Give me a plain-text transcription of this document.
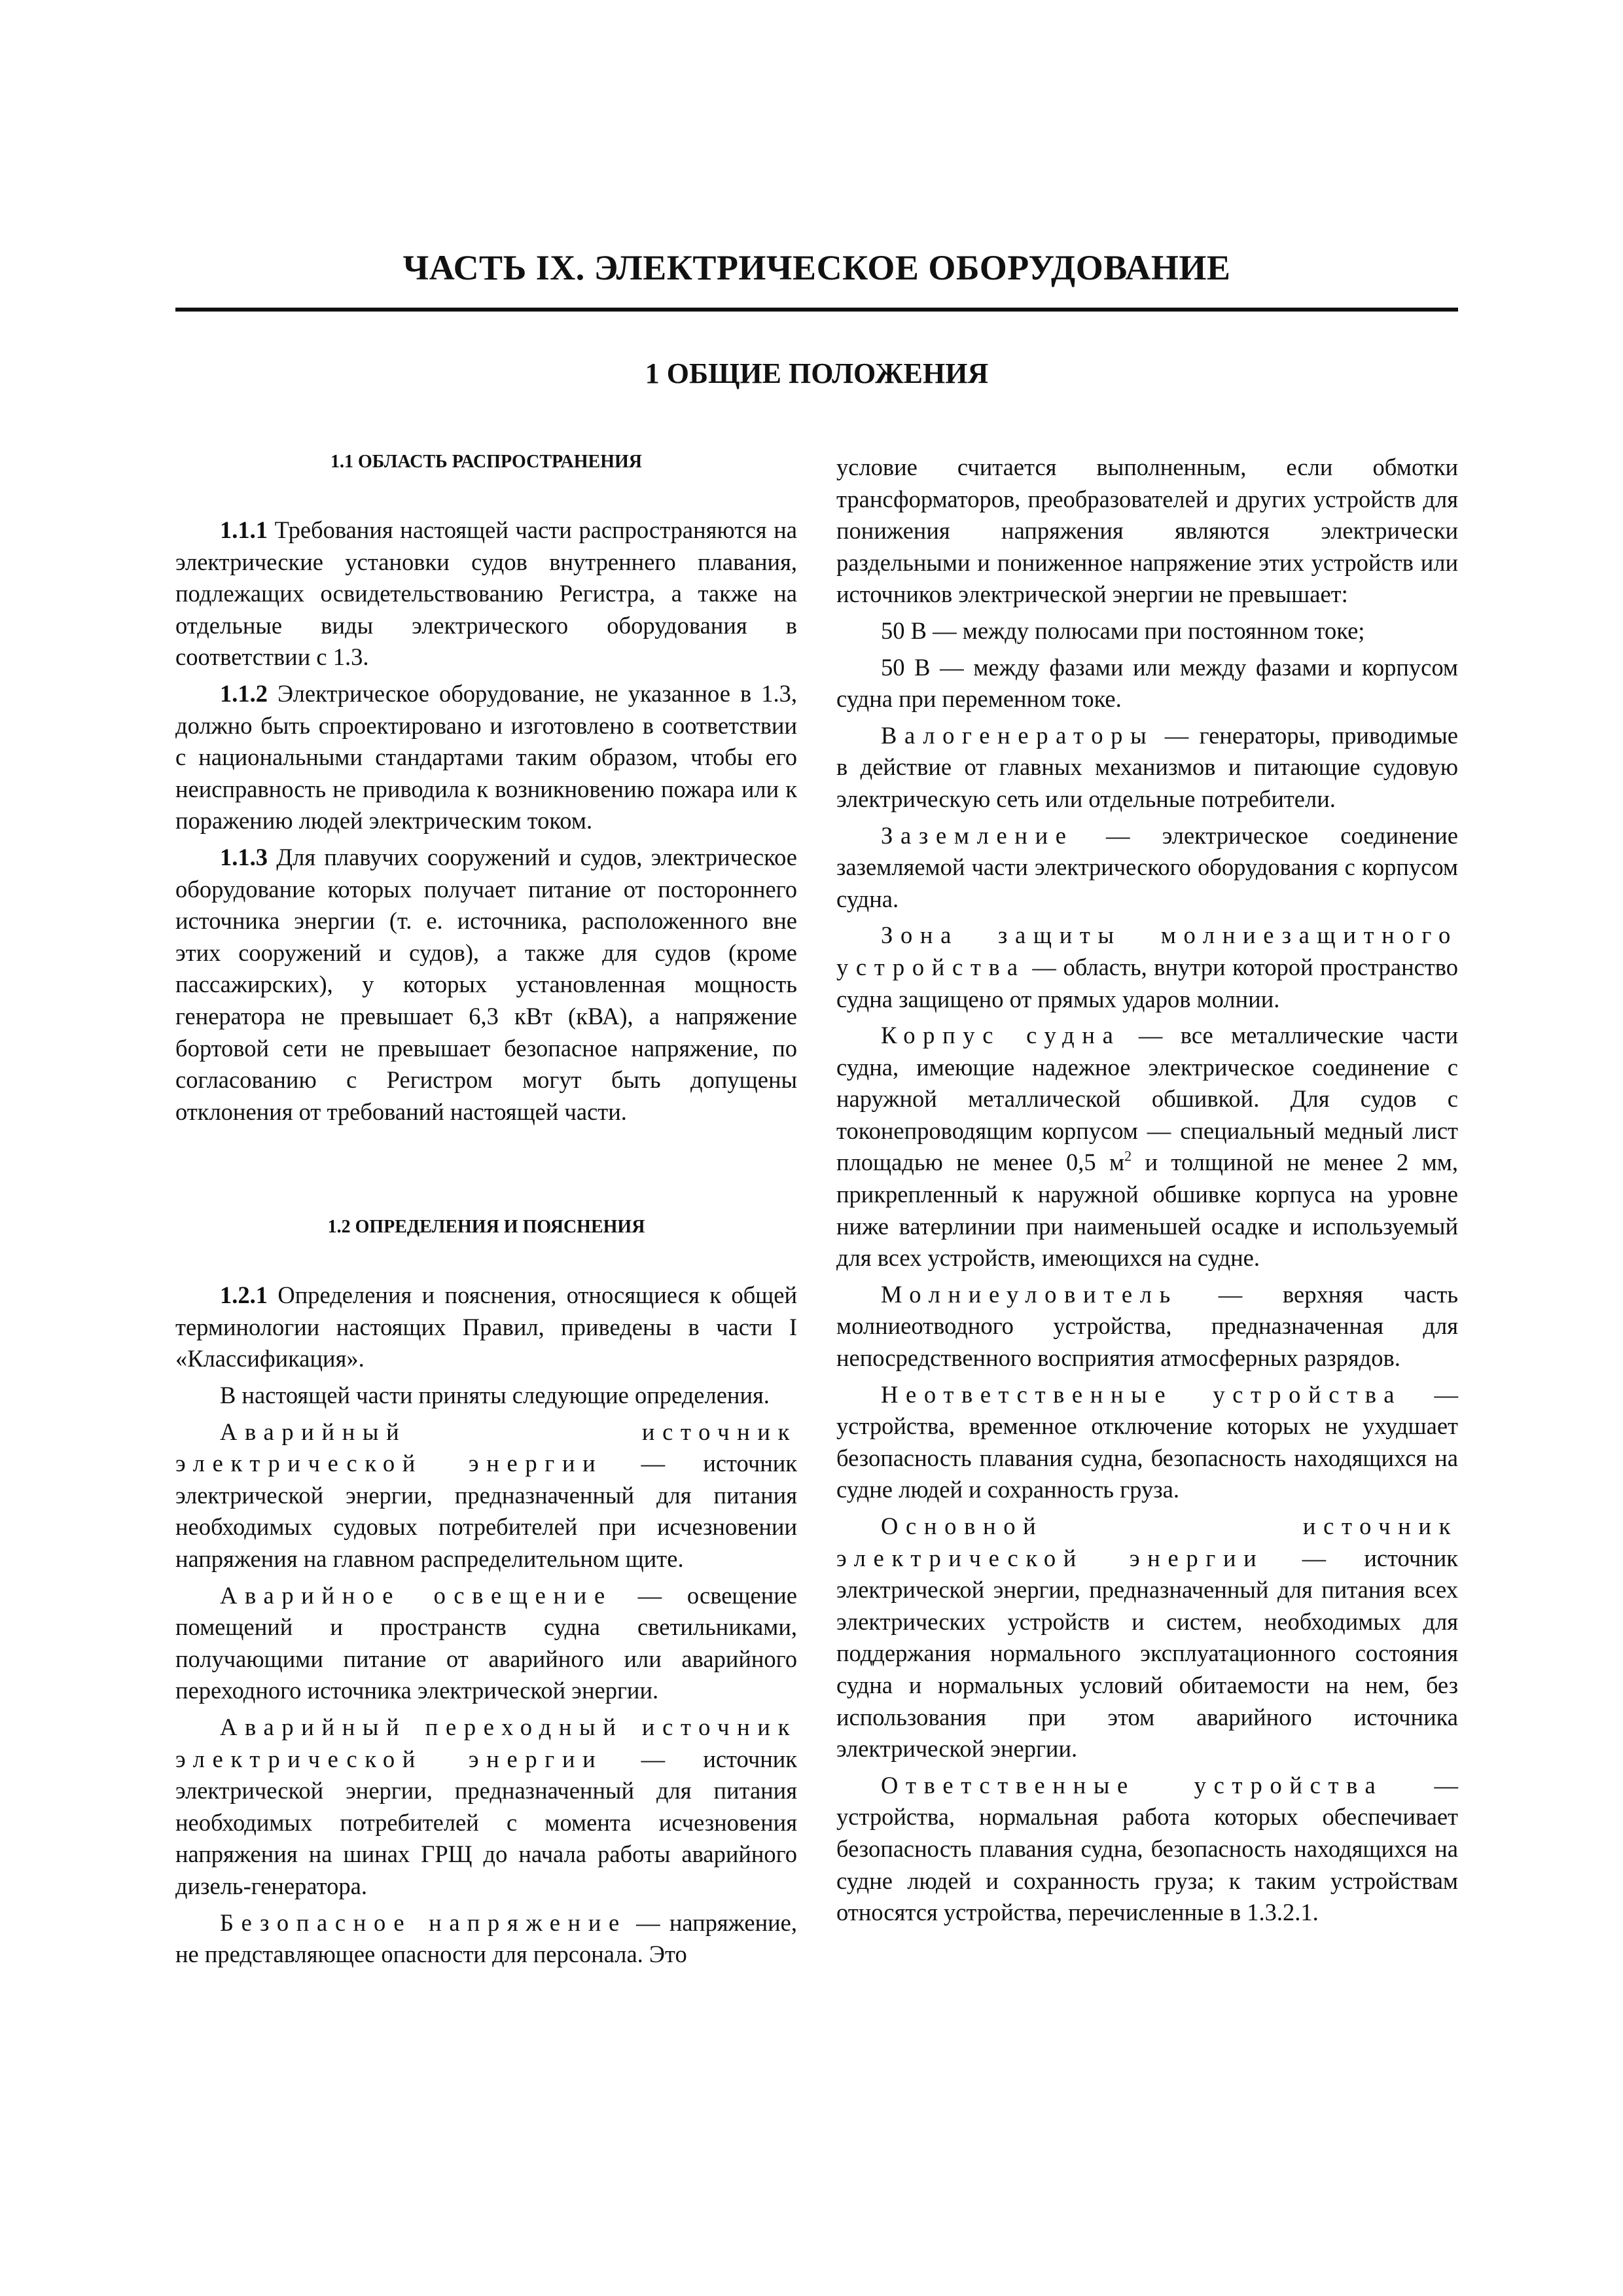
ЧАСТЬ IX. ЭЛЕКТРИЧЕСКОЕ ОБОРУДОВАНИЕ
1 ОБЩИЕ ПОЛОЖЕНИЯ
1.1 ОБЛАСТЬ РАСПРОСТРАНЕНИЯ

1.1.1 Требования настоящей части распространяются на электрические установки судов внутреннего плавания, подлежащих освидетельствованию Регистра, а также на отдельные виды электрического оборудования в соответствии с 1.3.

1.1.2 Электрическое оборудование, не указанное в 1.3, должно быть спроектировано и изготовлено в соответствии с национальными стандартами таким образом, чтобы его неисправность не приводила к возникновению пожара или к поражению людей электрическим током.

1.1.3 Для плавучих сооружений и судов, электрическое оборудование которых получает питание от постороннего источника энергии (т. е. источника, расположенного вне этих сооружений и судов), а также для судов (кроме пассажирских), у которых установленная мощность генератора не превышает 6,3 кВт (кВА), а напряжение бортовой сети не превышает безопасное напряжение, по согласованию с Регистром могут быть допущены отклонения от требований настоящей части.

1.2 ОПРЕДЕЛЕНИЯ И ПОЯСНЕНИЯ

1.2.1 Определения и пояснения, относящиеся к общей терминологии настоящих Правил, приведены в части I «Классификация».

В настоящей части приняты следующие определения.

Аварийный источник электрической энергии — источник электрической энергии, предназначенный для питания необходимых судовых потребителей при исчезновении напряжения на главном распределительном щите.

Аварийное освещение — освещение помещений и пространств судна светильниками, получающими питание от аварийного или аварийного переходного источника электрической энергии.

Аварийный переходный источник электрической энергии — источник электрической энергии, предназначенный для питания необходимых потребителей с момента исчезновения напряжения на шинах ГРЩ до начала работы аварийного дизель-генератора.

Безопасное напряжение — напряжение, не представляющее опасности для персонала. Это

условие считается выполненным, если обмотки трансформаторов, преобразователей и других устройств для понижения напряжения являются электрически раздельными и пониженное напряжение этих устройств или источников электрической энергии не превышает:

50 В — между полюсами при постоянном токе;

50 В — между фазами или между фазами и корпусом судна при переменном токе.

Валогенераторы — генераторы, приводимые в действие от главных механизмов и питающие судовую электрическую сеть или отдельные потребители.

Заземление — электрическое соединение заземляемой части электрического оборудования с корпусом судна.

Зона защиты молниезащитного устройства — область, внутри которой пространство судна защищено от прямых ударов молнии.

Корпус судна — все металлические части судна, имеющие надежное электрическое соединение с наружной металлической обшивкой. Для судов с токонепроводящим корпусом — специальный медный лист площадью не менее 0,5 $м^2$ и толщиной не менее 2 мм, прикрепленный к наружной обшивке корпуса на уровне ниже ватерлинии при наименьшей осадке и используемый для всех устройств, имеющихся на судне.

Молниеуловитель — верхняя часть молниеотводного устройства, предназначенная для непосредственного восприятия атмосферных разрядов.

Неответственные устройства — устройства, временное отключение которых не ухудшает безопасность плавания судна, безопасность находящихся на судне людей и сохранность груза.

Основной источник электрической энергии — источник электрической энергии, предназначенный для питания всех электрических устройств и систем, необходимых для поддержания нормального эксплуатационного состояния судна и нормальных условий обитаемости на нем, без использования при этом аварийного источника электрической энергии.

Ответственные устройства — устройства, нормальная работа которых обеспечивает безопасность плавания судна, безопасность находящихся на судне людей и сохранность груза; к таким устройствам относятся устройства, перечисленные в 1.3.2.1.
